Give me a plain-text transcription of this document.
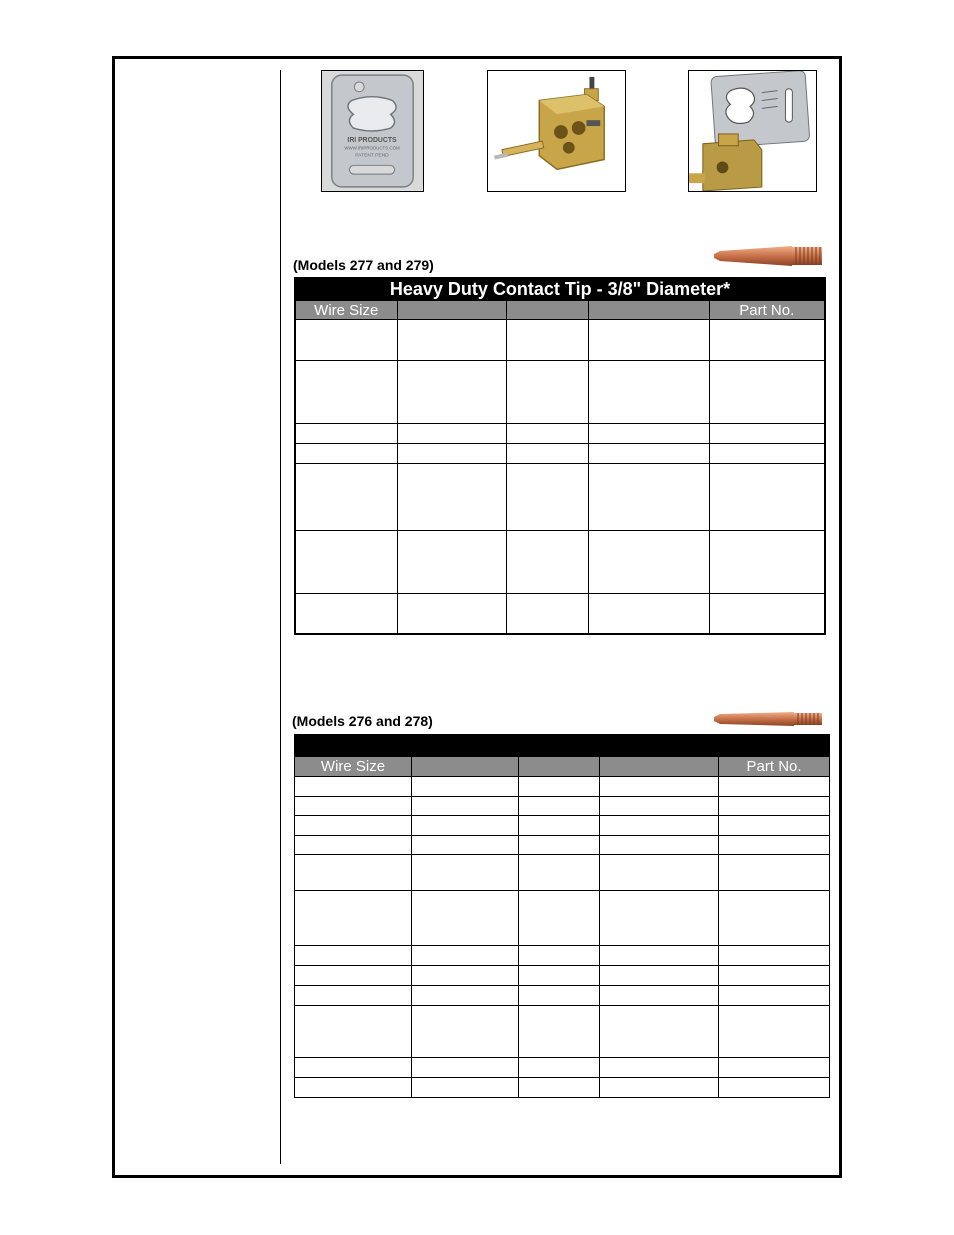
IRI PRODUCTS
WWW.IRIPRODUCTS.COM
PATENT PEND
(Models 277 and 279)
Heavy Duty Contact Tip - 3/8" Diameter*				
Wire Size				Part No.

(Models 276 and 278)

Wire Size				Part No.
